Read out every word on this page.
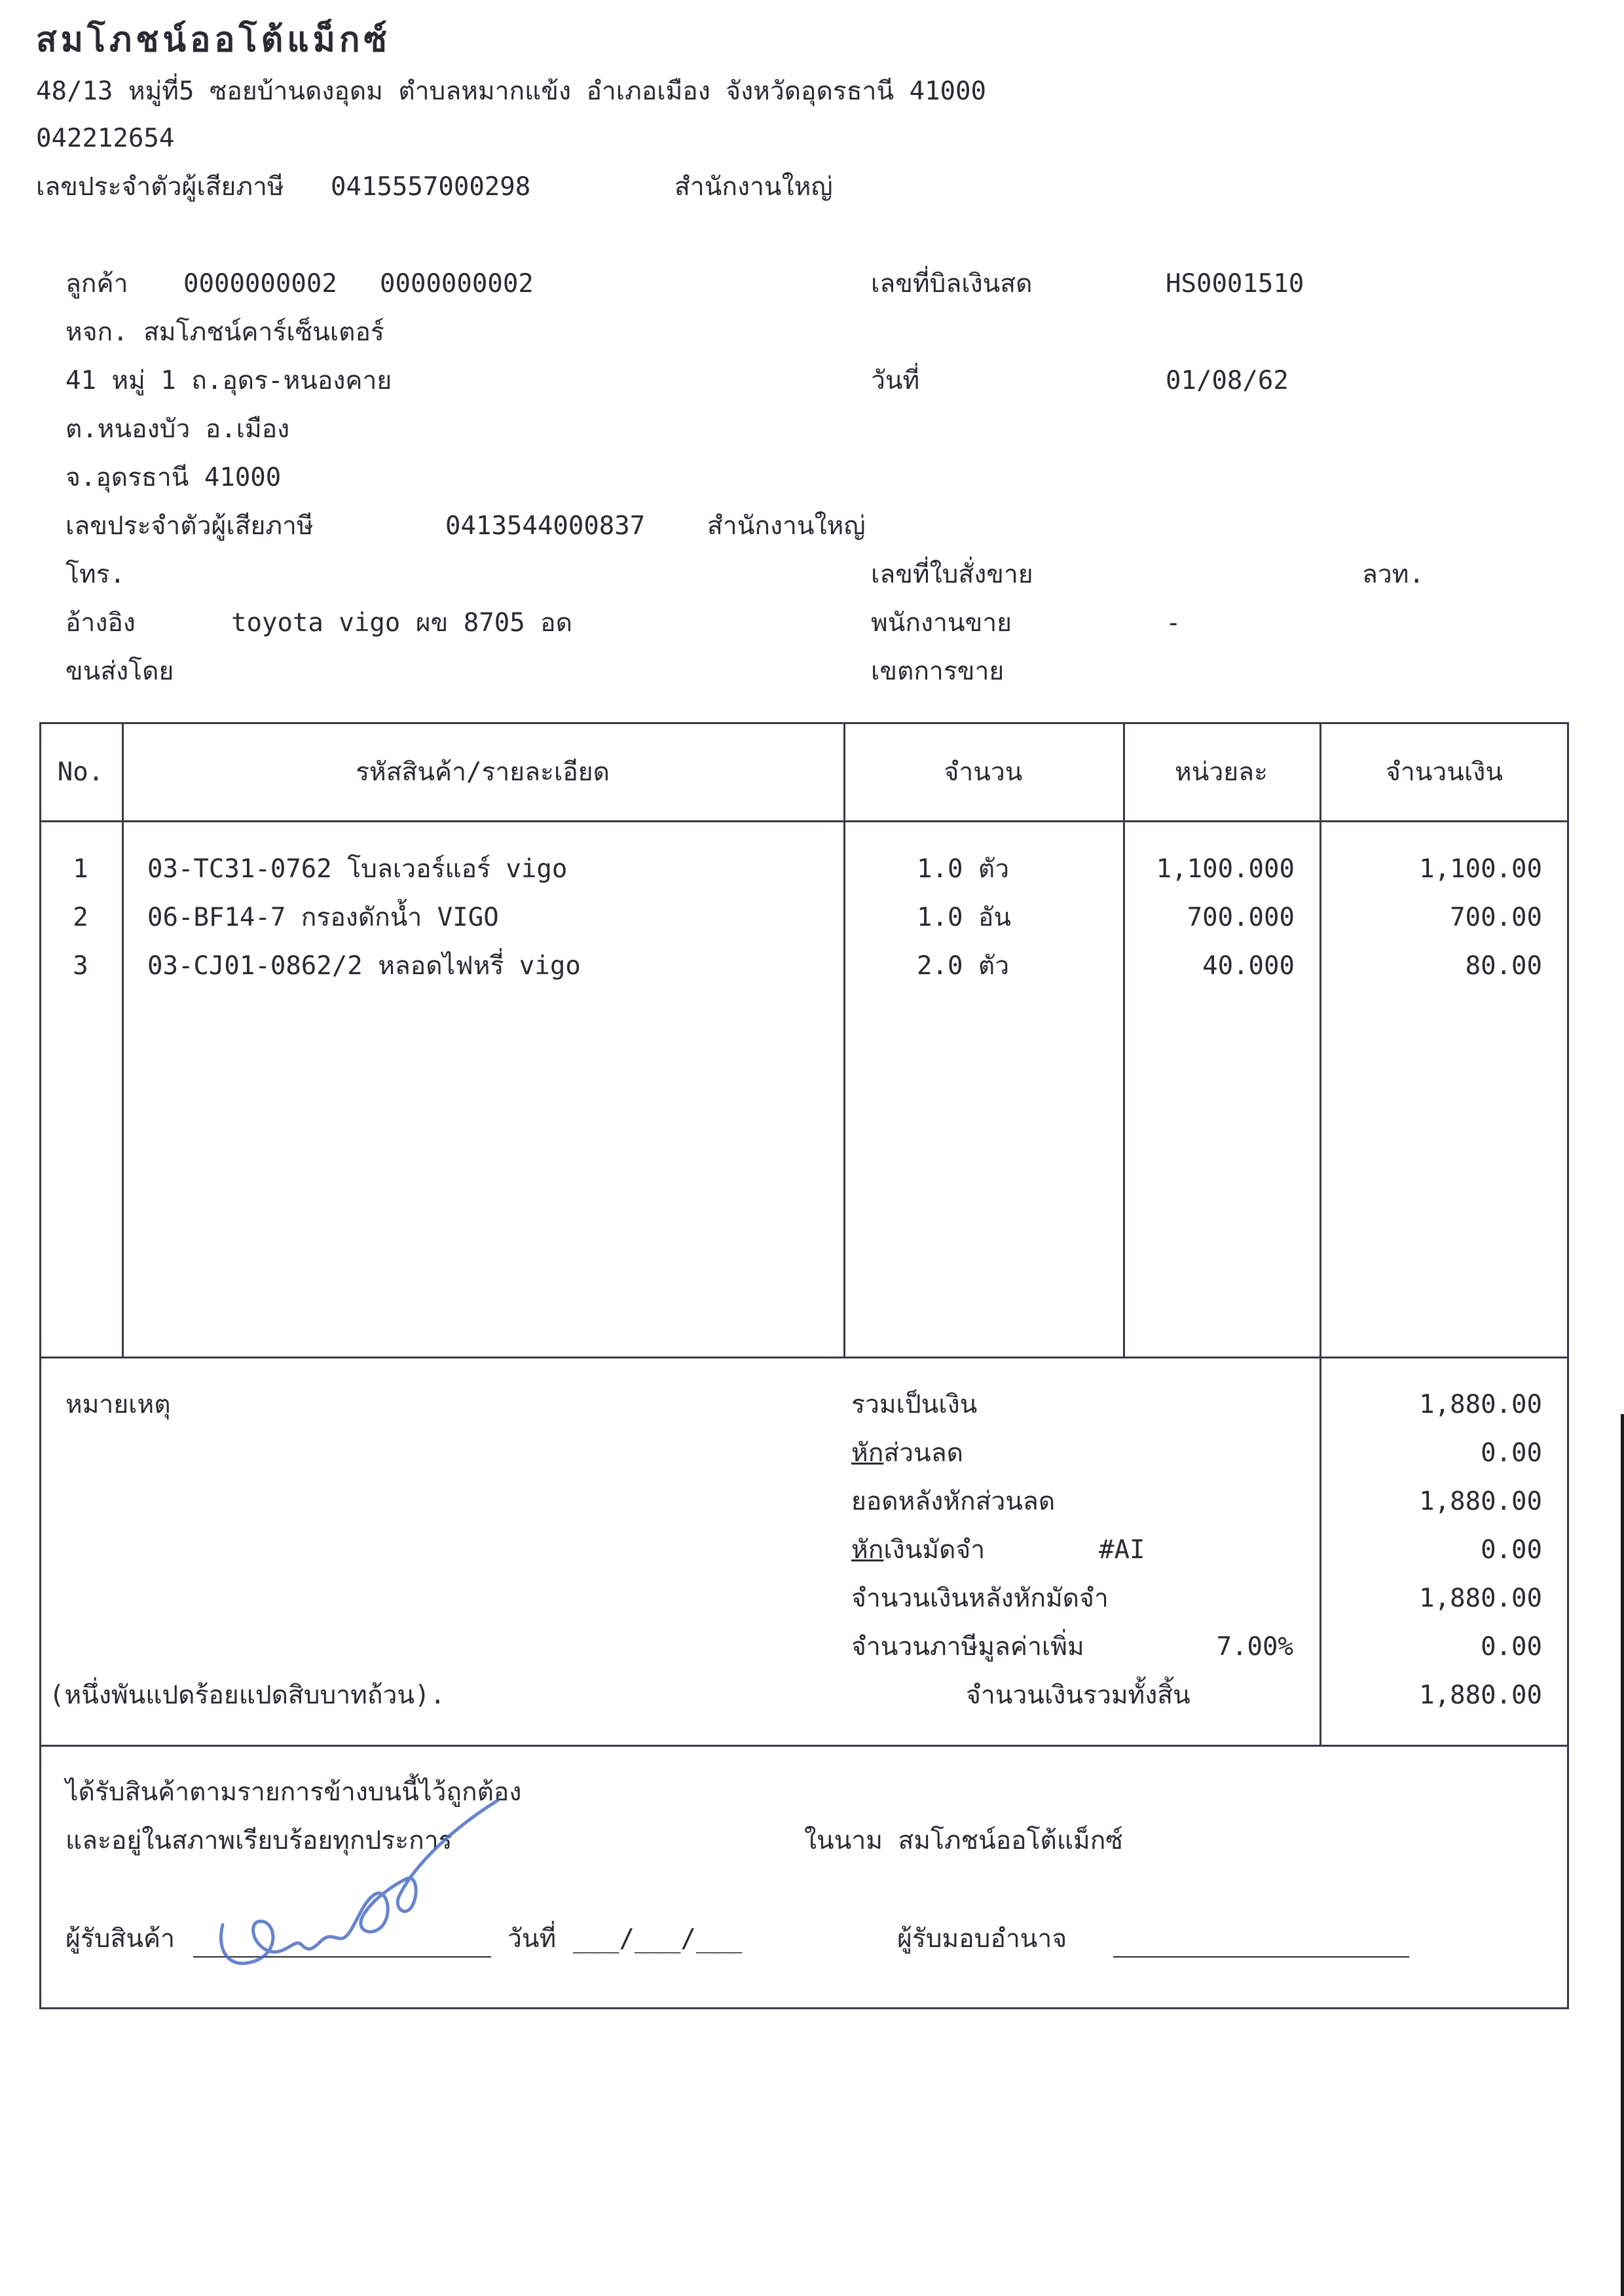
สมโภชน์ออโต้แม็กซ์
48/13 หมู่ที่5 ซอยบ้านดงอุดม ตำบลหมากแข้ง อำเภอเมือง จังหวัดอุดรธานี 41000
042212654
เลขประจำตัวผู้เสียภาษี 0415557000298	สำนักงานใหญ่
ลูกค้า 0000000002 0000000002
หจก. สมโภชน์คาร์เซ็นเตอร์
41 หมู่ 1 ถ.อุดร-หนองคาย
ต.หนองบัว อ.เมือง
จ.อุดรธานี 41000
เลขประจำตัวผู้เสียภาษี	0413544000837 สำนักงานใหญ่
โทร.
อ้างอิง	toyota vigo ผข 8705 อด
ขนส่งโดย
เลขที่บิลเงินสด	HS0001510
วันที่	01/08/62
เลขที่ใบสั่งขาย	ลวท.
พนักงานขาย	-
เขตการขาย
No.	รหัสสินค้า/รายละเอียด	จำนวน	หน่วยละ	จำนวนเงิน
1	03-TC31-0762 โบลเวอร์แอร์ vigo	1.0 ตัว	1,100.000	1,100.00
2	06-BF14-7 กรองดักน้ำ VIGO	1.0 อัน	700.000	700.00
3	03-CJ01-0862/2 หลอดไฟหรี่ vigo	2.0 ตัว	40.000	80.00
หมายเหตุ	รวมเป็นเงิน	1,880.00
หักส่วนลด	0.00
ยอดหลังหักส่วนลด	1,880.00
หักเงินมัดจำ	#AI	0.00
จำนวนเงินหลังหักมัดจำ	1,880.00
จำนวนภาษีมูลค่าเพิ่ม	7.00%	0.00
(หนึ่งพันแปดร้อยแปดสิบบาทถ้วน).	จำนวนเงินรวมทั้งสิ้น	1,880.00
ได้รับสินค้าตามรายการข้างบนนี้ไว้ถูกต้อง
และอยู่ในสภาพเรียบร้อยทุกประการ	ในนาม สมโภชน์ออโต้แม็กซ์
ผู้รับสินค้า	วันที่ ___/___/___	ผู้รับมอบอำนาจ
